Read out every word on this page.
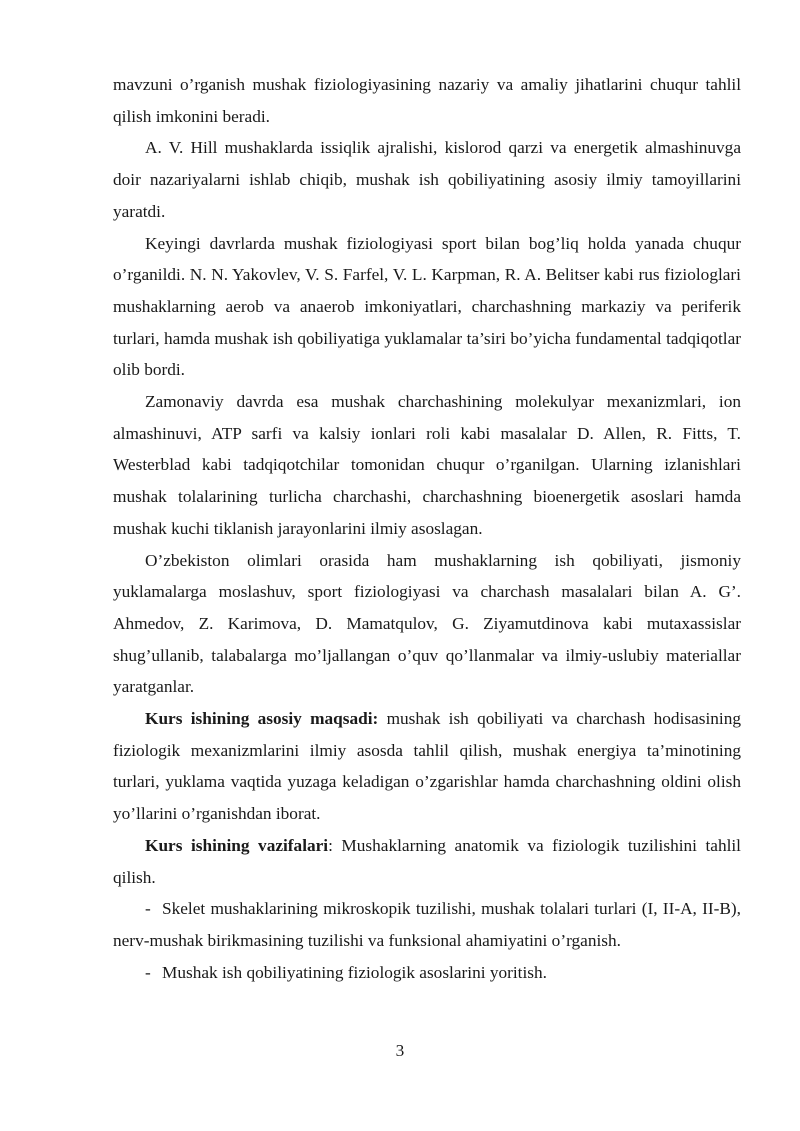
mavzuni o’rganish mushak fiziologiyasining nazariy va amaliy jihatlarini chuqur tahlil qilish imkonini beradi.

A. V. Hill mushaklarda issiqlik ajralishi, kislorod qarzi va energetik almashinuvga doir nazariyalarni ishlab chiqib, mushak ish qobiliyatining asosiy ilmiy tamoyillarini yaratdi.

Keyingi davrlarda mushak fiziologiyasi sport bilan bog’liq holda yanada chuqur o’rganildi. N. N. Yakovlev, V. S. Farfel, V. L. Karpman, R. A. Belitser kabi rus fiziologlari mushaklarning aerob va anaerob imkoniyatlari, charchashning markaziy va periferik turlari, hamda mushak ish qobiliyatiga yuklamalar ta’siri bo’yicha fundamental tadqiqotlar olib bordi.

Zamonaviy davrda esa mushak charchashining molekulyar mexanizmlari, ion almashinuvi, ATP sarfi va kalsiy ionlari roli kabi masalalar D. Allen, R. Fitts, T. Westerblad kabi tadqiqotchilar tomonidan chuqur o’rganilgan. Ularning izlanishlari mushak tolalarining turlicha charchashi, charchashning bioenergetik asoslari hamda mushak kuchi tiklanish jarayonlarini ilmiy asoslagan.

O’zbekiston olimlari orasida ham mushaklarning ish qobiliyati, jismoniy yuklamalarga moslashuv, sport fiziologiyasi va charchash masalalari bilan A. G’. Ahmedov, Z. Karimova, D. Mamatqulov, G. Ziyamutdinova kabi mutaxassislar shug’ullanib, talabalarga mo’ljallangan o’quv qo’llanmalar va ilmiy-uslubiy materiallar yaratganlar.

Kurs ishining asosiy maqsadi: mushak ish qobiliyati va charchash hodisasining fiziologik mexanizmlarini ilmiy asosda tahlil qilish, mushak energiya ta’minotining turlari, yuklama vaqtida yuzaga keladigan o’zgarishlar hamda charchashning oldini olish yo’llarini o’rganishdan iborat.

Kurs ishining vazifalari: Mushaklarning anatomik va fiziologik tuzilishini tahlil qilish.

- Skelet mushaklarining mikroskopik tuzilishi, mushak tolalari turlari (I, II-A, II-B), nerv-mushak birikmasining tuzilishi va funksional ahamiyatini o’rganish.

- Mushak ish qobiliyatining fiziologik asoslarini yoritish.

3
